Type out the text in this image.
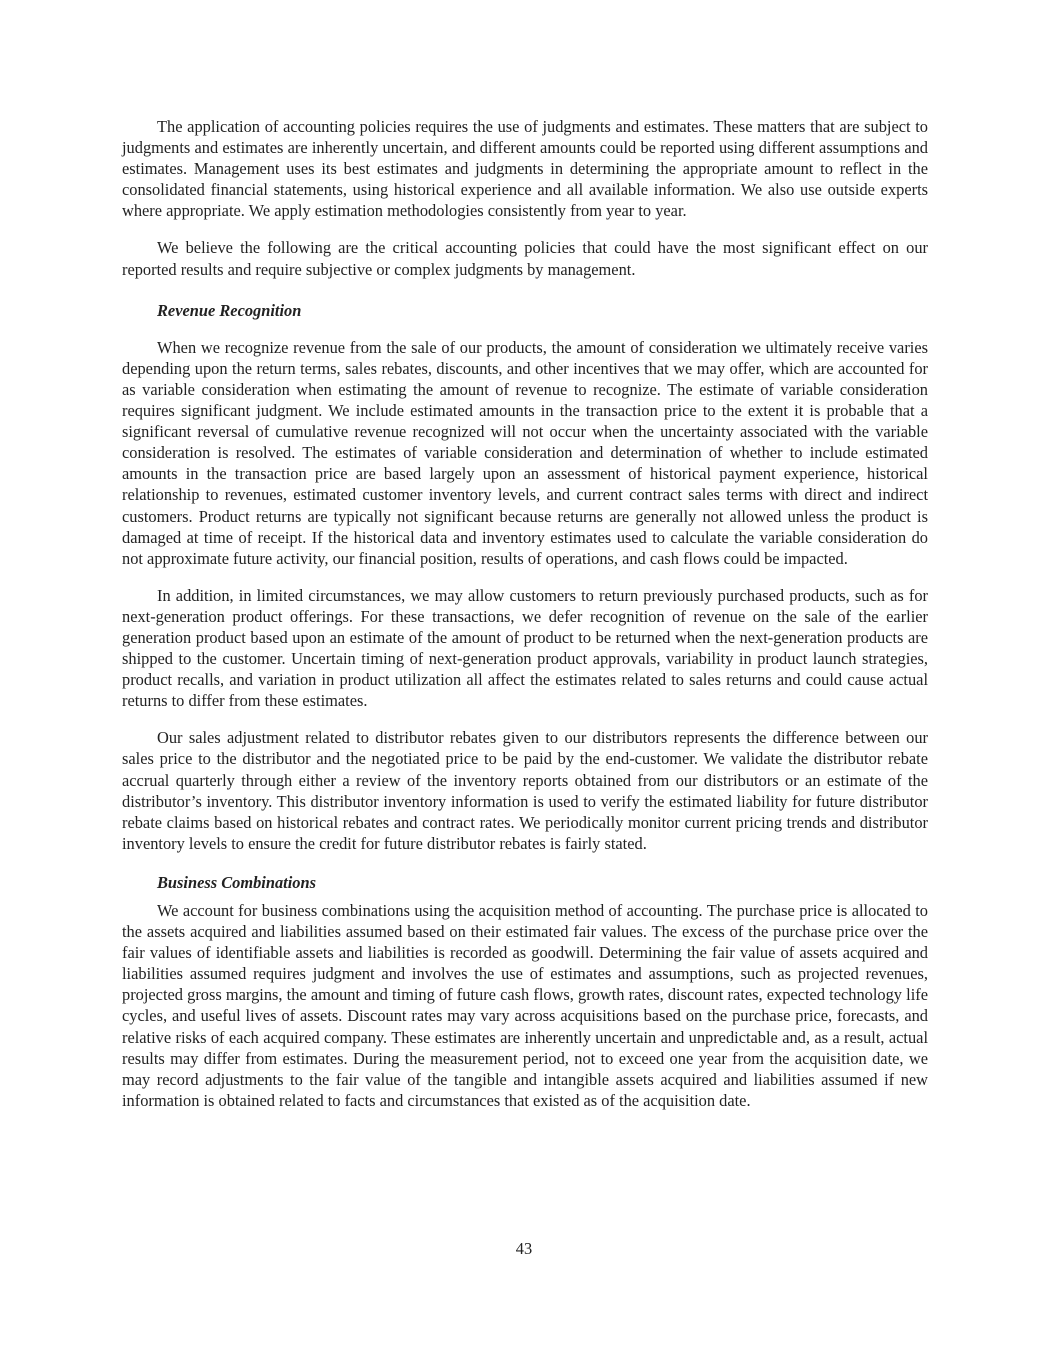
The application of accounting policies requires the use of judgments and estimates. These matters that are subject to judgments and estimates are inherently uncertain, and different amounts could be reported using different assumptions and estimates. Management uses its best estimates and judgments in determining the appropriate amount to reflect in the consolidated financial statements, using historical experience and all available information. We also use outside experts where appropriate. We apply estimation methodologies consistently from year to year.

We believe the following are the critical accounting policies that could have the most significant effect on our reported results and require subjective or complex judgments by management.

Revenue Recognition

When we recognize revenue from the sale of our products, the amount of consideration we ultimately receive varies depending upon the return terms, sales rebates, discounts, and other incentives that we may offer, which are accounted for as variable consideration when estimating the amount of revenue to recognize. The estimate of variable consideration requires significant judgment. We include estimated amounts in the transaction price to the extent it is probable that a significant reversal of cumulative revenue recognized will not occur when the uncertainty associated with the variable consideration is resolved. The estimates of variable consideration and determination of whether to include estimated amounts in the transaction price are based largely upon an assessment of historical payment experience, historical relationship to revenues, estimated customer inventory levels, and current contract sales terms with direct and indirect customers. Product returns are typically not significant because returns are generally not allowed unless the product is damaged at time of receipt. If the historical data and inventory estimates used to calculate the variable consideration do not approximate future activity, our financial position, results of operations, and cash flows could be impacted.

In addition, in limited circumstances, we may allow customers to return previously purchased products, such as for next-generation product offerings. For these transactions, we defer recognition of revenue on the sale of the earlier generation product based upon an estimate of the amount of product to be returned when the next-generation products are shipped to the customer. Uncertain timing of next-generation product approvals, variability in product launch strategies, product recalls, and variation in product utilization all affect the estimates related to sales returns and could cause actual returns to differ from these estimates.

Our sales adjustment related to distributor rebates given to our distributors represents the difference between our sales price to the distributor and the negotiated price to be paid by the end-customer. We validate the distributor rebate accrual quarterly through either a review of the inventory reports obtained from our distributors or an estimate of the distributor’s inventory. This distributor inventory information is used to verify the estimated liability for future distributor rebate claims based on historical rebates and contract rates. We periodically monitor current pricing trends and distributor inventory levels to ensure the credit for future distributor rebates is fairly stated.

Business Combinations

We account for business combinations using the acquisition method of accounting. The purchase price is allocated to the assets acquired and liabilities assumed based on their estimated fair values. The excess of the purchase price over the fair values of identifiable assets and liabilities is recorded as goodwill. Determining the fair value of assets acquired and liabilities assumed requires judgment and involves the use of estimates and assumptions, such as projected revenues, projected gross margins, the amount and timing of future cash flows, growth rates, discount rates, expected technology life cycles, and useful lives of assets. Discount rates may vary across acquisitions based on the purchase price, forecasts, and relative risks of each acquired company. These estimates are inherently uncertain and unpredictable and, as a result, actual results may differ from estimates. During the measurement period, not to exceed one year from the acquisition date, we may record adjustments to the fair value of the tangible and intangible assets acquired and liabilities assumed if new information is obtained related to facts and circumstances that existed as of the acquisition date.

43
